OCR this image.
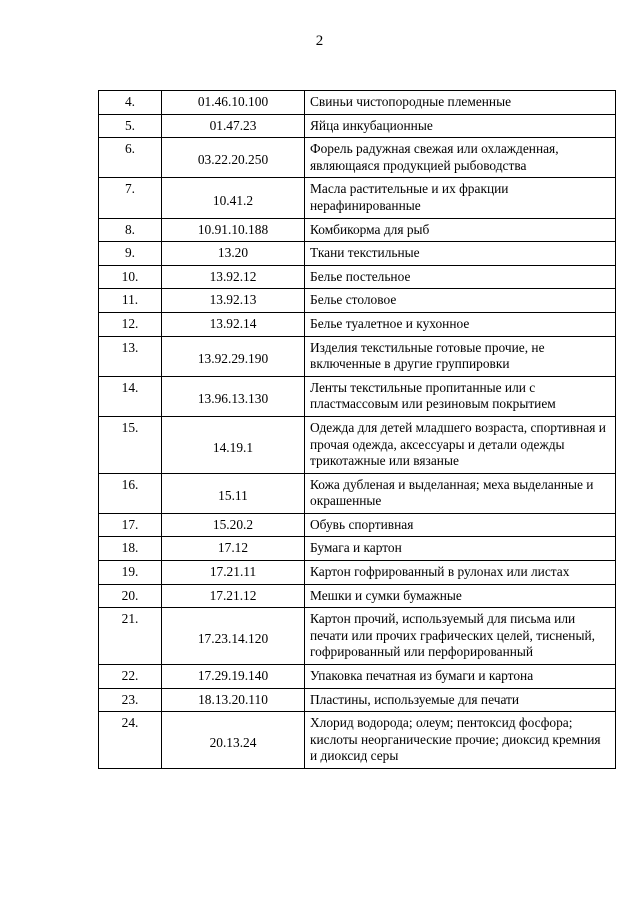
2
4.	01.46.10.100	Свиньи чистопородные племенные
5.	01.47.23	Яйца инкубационные
6.	03.22.20.250	Форель радужная свежая или охлажденная, являющаяся продукцией рыбоводства
7.	10.41.2	Масла растительные и их фракции нерафинированные
8.	10.91.10.188	Комбикорма для рыб
9.	13.20	Ткани текстильные
10.	13.92.12	Белье постельное
11.	13.92.13	Белье столовое
12.	13.92.14	Белье туалетное и кухонное
13.	13.92.29.190	Изделия текстильные готовые прочие, не включенные в другие группировки
14.	13.96.13.130	Ленты текстильные пропитанные или с пластмассовым или резиновым покрытием
15.	14.19.1	Одежда для детей младшего возраста, спортивная и прочая одежда, аксессуары и детали одежды трикотажные или вязаные
16.	15.11	Кожа дубленая и выделанная; меха выделанные и окрашенные
17.	15.20.2	Обувь спортивная
18.	17.12	Бумага и картон
19.	17.21.11	Картон гофрированный в рулонах или листах
20.	17.21.12	Мешки и сумки бумажные
21.	17.23.14.120	Картон прочий, используемый для письма или печати или прочих графических целей, тисненый, гофрированный или перфорированный
22.	17.29.19.140	Упаковка печатная из бумаги и картона
23.	18.13.20.110	Пластины, используемые для печати
24.	20.13.24	Хлорид водорода; олеум; пентоксид фосфора; кислоты неорганические прочие; диоксид кремния и диоксид серы
